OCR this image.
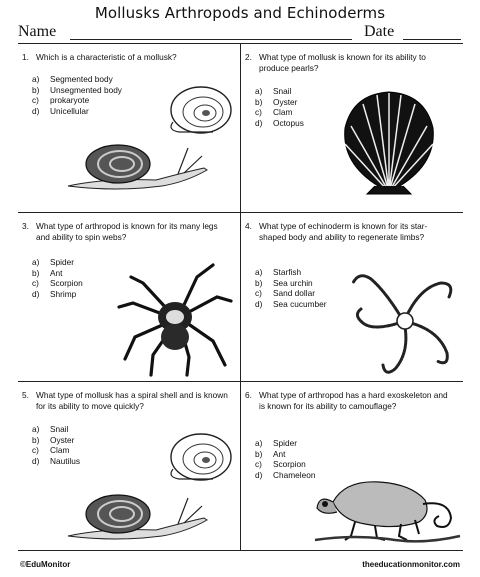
Mollusks Arthropods and Echinoderms
Name	Date
1. Which is a characteristic of a mollusk?
a)	Segmented body
b)	Unsegmented body
c)	prokaryote
d)	Unicellular
2. What type of mollusk is known for its ability to produce pearls?
a)	Snail
b)	Oyster
c)	Clam
d)	Octopus
3. What type of arthropod is known for its many legs and ability to spin webs?
a)	Spider
b)	Ant
c)	Scorpion
d)	Shrimp
4. What type of echinoderm is known for its star-shaped body and ability to regenerate limbs?
a)	Starfish
b)	Sea urchin
c)	Sand dollar
d)	Sea cucumber
5. What type of mollusk has a spiral shell and is known for its ability to move quickly?
a)	Snail
b)	Oyster
c)	Clam
d)	Nautilus
6. What type of arthropod has a hard exoskeleton and is known for its ability to camouflage?
a)	Spider
b)	Ant
c)	Scorpion
d)	Chameleon
©EduMonitor	theeducationmonitor.com
